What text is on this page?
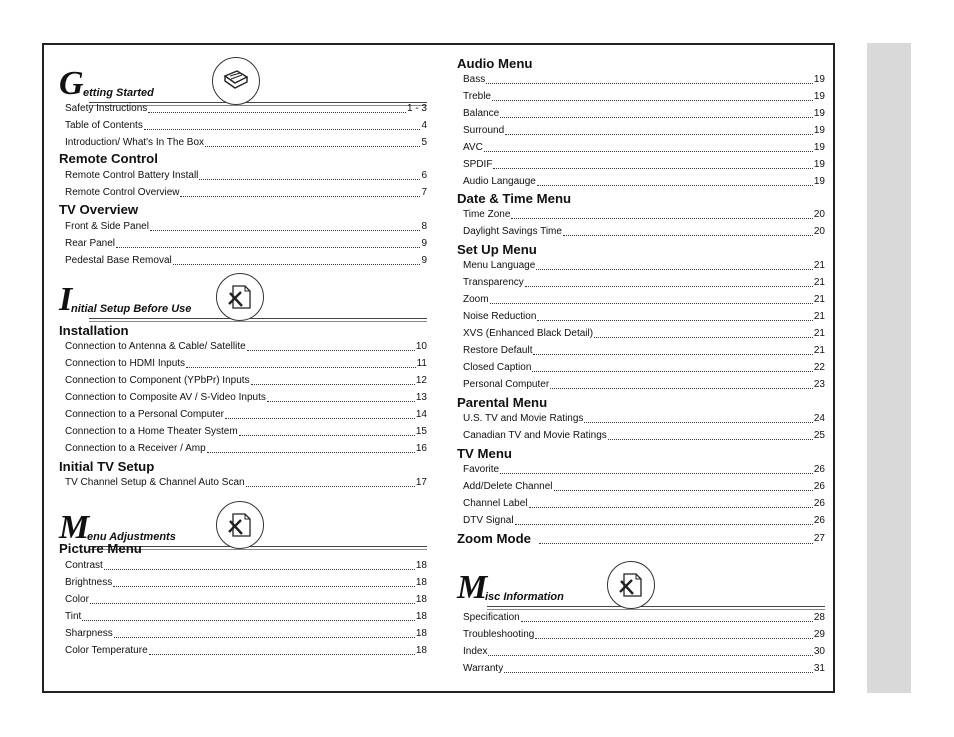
G etting Started
Safety Instructions	1 - 3
Table of Contents	4
Introduction/ What's In The Box	5
Remote Control
Remote Control Battery Install	6
Remote Control Overview	7
TV Overview
Front & Side Panel	8
Rear Panel	9
Pedestal Base Removal	9
I
nitial Setup Before Use
Installation
Connection to Antenna & Cable/ Satellite	10
Connection to HDMI Inputs	11
Connection to Component (YPbPr) Inputs	12
Connection to Composite AV / S-Video Inputs	13
Connection to a Personal Computer	14
Connection to a Home Theater System	15
Connection to a Receiver / Amp	16
Initial TV Setup
TV Channel Setup & Channel Auto Scan	17
M
enu Adjustments
Picture Menu
Contrast	18
Brightness	18
Color	18
Tint	18
Sharpness	18
Color Temperature	18
Audio Menu
Bass	19
Treble	19
Balance	19
Surround	19
AVC	19
SPDIF	19
Audio Langauge	19
Date & Time Menu
Time Zone	20
Daylight Savings Time	20
Set Up Menu
Menu Language	21
Transparency	21
Zoom	21
Noise Reduction	21
XVS (Enhanced Black Detail)	21
Restore Default	21
Closed Caption	22
Personal Computer	23
Parental Menu
U.S. TV and Movie Ratings	24
Canadian TV and Movie Ratings	25
TV Menu
Favorite	26
Add/Delete Channel	26
Channel Label	26
DTV Signal	26
Zoom Mode	27
M
isc Information
Specification	28
Troubleshooting	29
Index	30
Warranty	31
